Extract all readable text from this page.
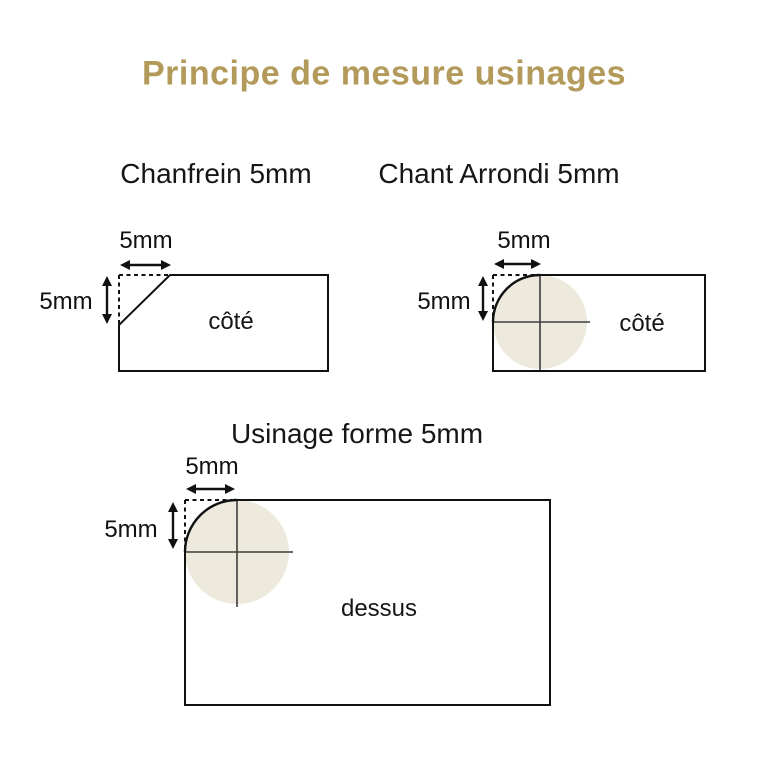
Principe de mesure usinages
Chanfrein 5mm Chant Arrondi 5mm
Usinage forme 5mm
5mm
5mm
côté
5mm
5mm
côté
5mm
5mm
dessus
